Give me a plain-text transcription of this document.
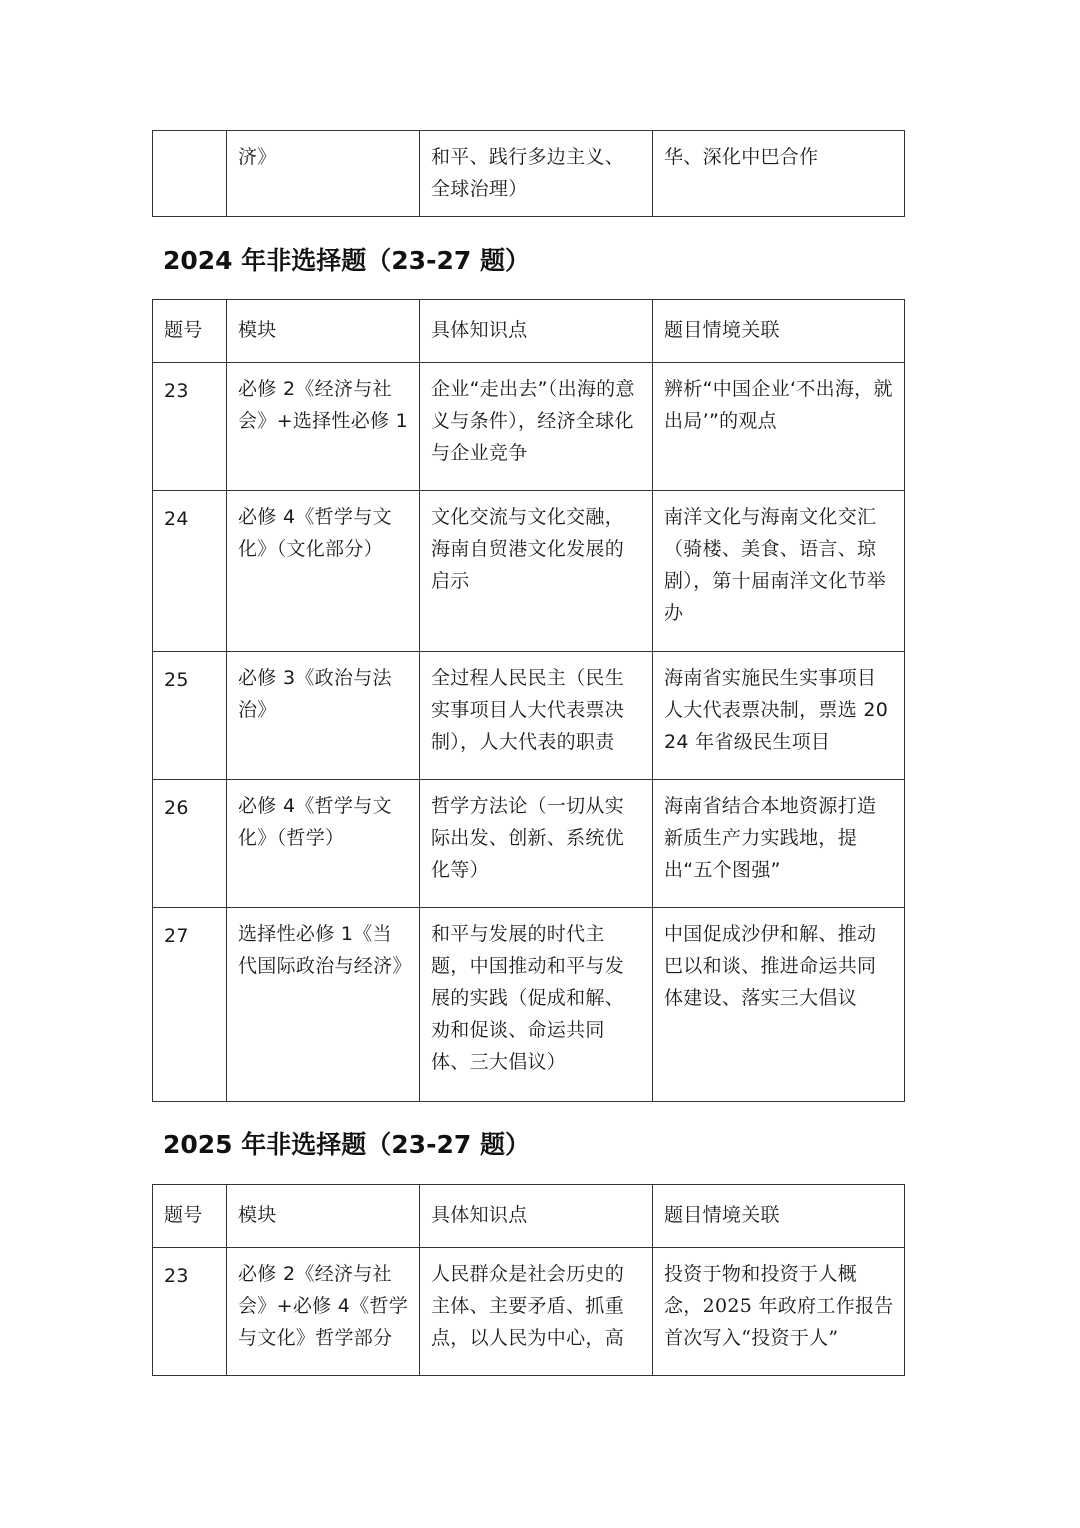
	济》	和平、践行多边主义、全球治理）	华、深化中巴合作
2024 年非选择题（23-27 题）
题号	模块	具体知识点	题目情境关联
23	必修 2《经济与社会》+选择性必修 1	企业“走出去”（出海的意义与条件），经济全球化与企业竞争	辨析“中国企业‘不出海，就出局’”的观点
24	必修 4《哲学与文化》（文化部分）	文化交流与文化交融，海南自贸港文化发展的启示	南洋文化与海南文化交汇（骑楼、美食、语言、琼剧），第十届南洋文化节举办
25	必修 3《政治与法治》	全过程人民民主（民生实事项目人大代表票决制），人大代表的职责	海南省实施民生实事项目人大代表票决制，票选 2024 年省级民生项目
26	必修 4《哲学与文化》（哲学）	哲学方法论（一切从实际出发、创新、系统优化等）	海南省结合本地资源打造新质生产力实践地，提出“五个图强”
27	选择性必修 1《当代国际政治与经济》	和平与发展的时代主题，中国推动和平与发展的实践（促成和解、劝和促谈、命运共同体、三大倡议）	中国促成沙伊和解、推动巴以和谈、推进命运共同体建设、落实三大倡议
2025 年非选择题（23-27 题）
题号	模块	具体知识点	题目情境关联
23	必修 2《经济与社会》+必修 4《哲学与文化》哲学部分	人民群众是社会历史的主体、主要矛盾、抓重点，以人民为中心，高	投资于物和投资于人概念，2025 年政府工作报告首次写入“投资于人”
